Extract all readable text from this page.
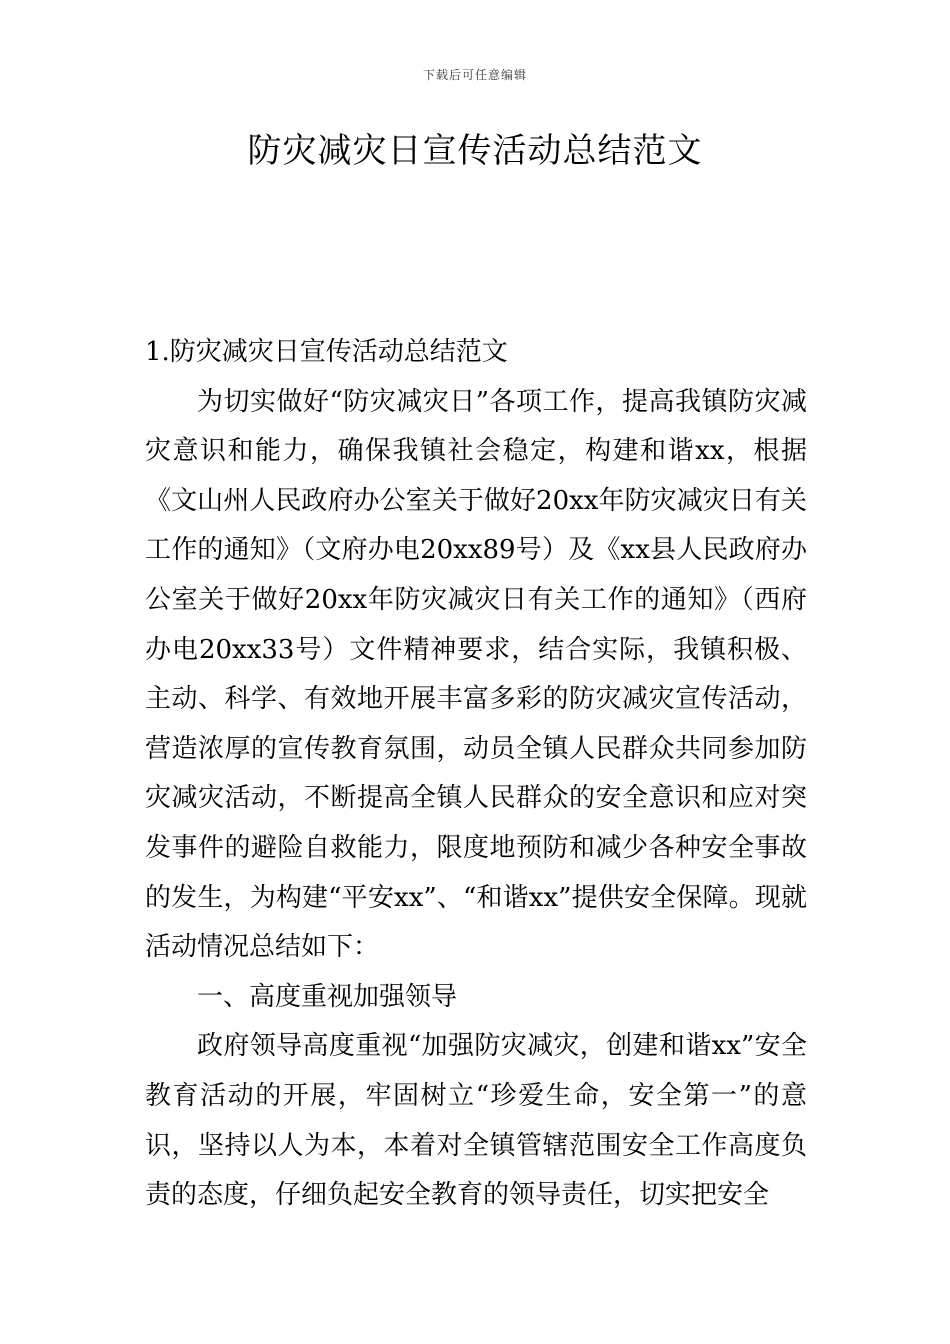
下载后可任意编辑
防灾减灾日宣传活动总结范文

1.防灾减灾日宣传活动总结范文

为切实做好“防灾减灾日”各项工作，提高我镇防灾减灾意识和能力，确保我镇社会稳定，构建和谐xx，根据《文山州人民政府办公室关于做好20xx年防灾减灾日有关工作的通知》（文府办电20xx89号）及《xx县人民政府办公室关于做好20xx年防灾减灾日有关工作的通知》（西府办电20xx33号）文件精神要求，结合实际，我镇积极、主动、科学、有效地开展丰富多彩的防灾减灾宣传活动，营造浓厚的宣传教育氛围，动员全镇人民群众共同参加防灾减灾活动，不断提高全镇人民群众的安全意识和应对突发事件的避险自救能力，限度地预防和减少各种安全事故的发生，为构建“平安xx”、“和谐xx”提供安全保障。现就活动情况总结如下：

一、高度重视加强领导

政府领导高度重视“加强防灾减灾，创建和谐xx”安全教育活动的开展，牢固树立“珍爱生命，安全第一”的意识，坚持以人为本，本着对全镇管辖范围安全工作高度负责的态度，仔细负起安全教育的领导责任，切实把安全
